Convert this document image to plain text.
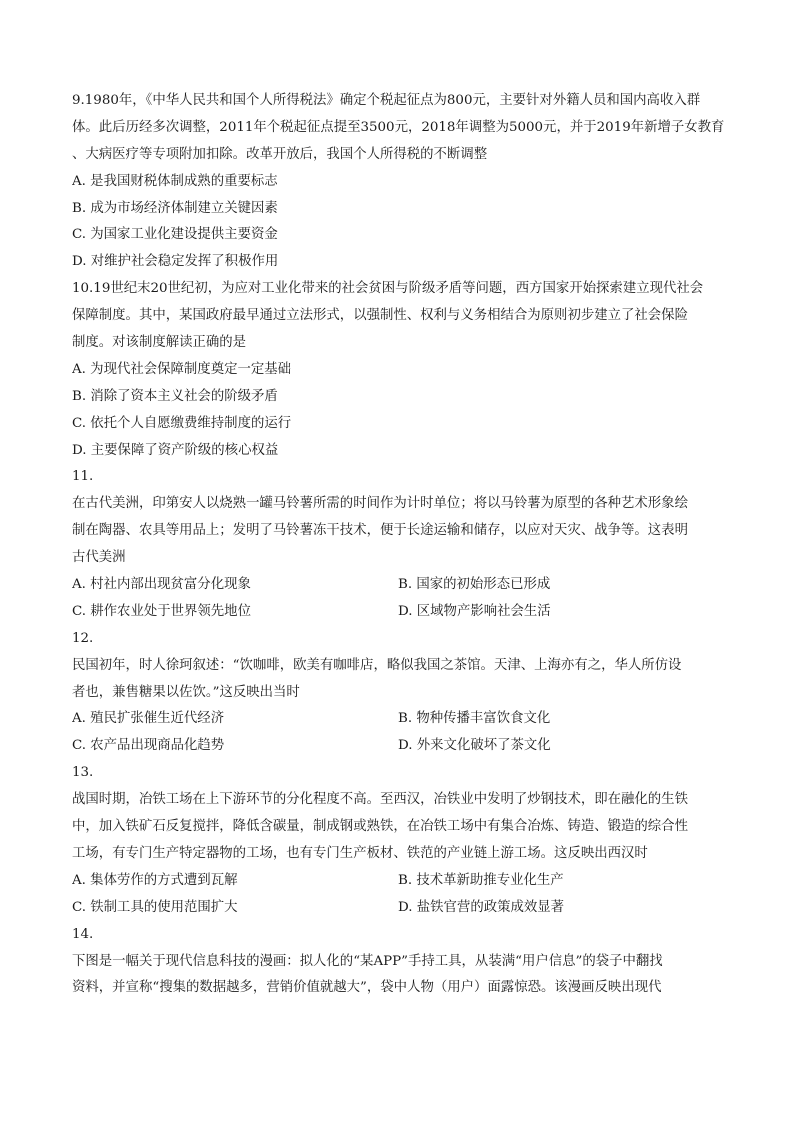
9.1980年，《中华人民共和国个人所得税法》确定个税起征点为800元，主要针对外籍人员和国内高收入群
体。此后历经多次调整，2011年个税起征点提至3500元，2018年调整为5000元，并于2019年新增子女教育
、大病医疗等专项附加扣除。改革开放后，我国个人所得税的不断调整
A. 是我国财税体制成熟的重要标志
B. 成为市场经济体制建立关键因素
C. 为国家工业化建设提供主要资金
D. 对维护社会稳定发挥了积极作用
10.19世纪末20世纪初，为应对工业化带来的社会贫困与阶级矛盾等问题，西方国家开始探索建立现代社会
保障制度。其中，某国政府最早通过立法形式，以强制性、权利与义务相结合为原则初步建立了社会保险
制度。对该制度解读正确的是
A. 为现代社会保障制度奠定一定基础
B. 消除了资本主义社会的阶级矛盾
C. 依托个人自愿缴费维持制度的运行
D. 主要保障了资产阶级的核心权益
11.
在古代美洲，印第安人以烧熟一罐马铃薯所需的时间作为计时单位；将以马铃薯为原型的各种艺术形象绘
制在陶器、农具等用品上；发明了马铃薯冻干技术，便于长途运输和储存，以应对天灾、战争等。这表明
古代美洲
A. 村社内部出现贫富分化现象	B. 国家的初始形态已形成
C. 耕作农业处于世界领先地位	D. 区域物产影响社会生活
12.
民国初年，时人徐珂叙述：“饮咖啡，欧美有咖啡店，略似我国之茶馆。天津、上海亦有之，华人所仿设
者也，兼售糖果以佐饮。”这反映出当时
A. 殖民扩张催生近代经济	B. 物种传播丰富饮食文化
C. 农产品出现商品化趋势	D. 外来文化破坏了茶文化
13.
战国时期，冶铁工场在上下游环节的分化程度不高。至西汉，冶铁业中发明了炒钢技术，即在融化的生铁
中，加入铁矿石反复搅拌，降低含碳量，制成钢或熟铁，在冶铁工场中有集合冶炼、铸造、锻造的综合性
工场，有专门生产特定器物的工场，也有专门生产板材、铁范的产业链上游工场。这反映出西汉时
A. 集体劳作的方式遭到瓦解	B. 技术革新助推专业化生产
C. 铁制工具的使用范围扩大	D. 盐铁官营的政策成效显著
14.
下图是一幅关于现代信息科技的漫画：拟人化的“某APP”手持工具，从装满“用户信息”的袋子中翻找
资料，并宣称“搜集的数据越多，营销价值就越大”，袋中人物（用户）面露惊恐。该漫画反映出现代
